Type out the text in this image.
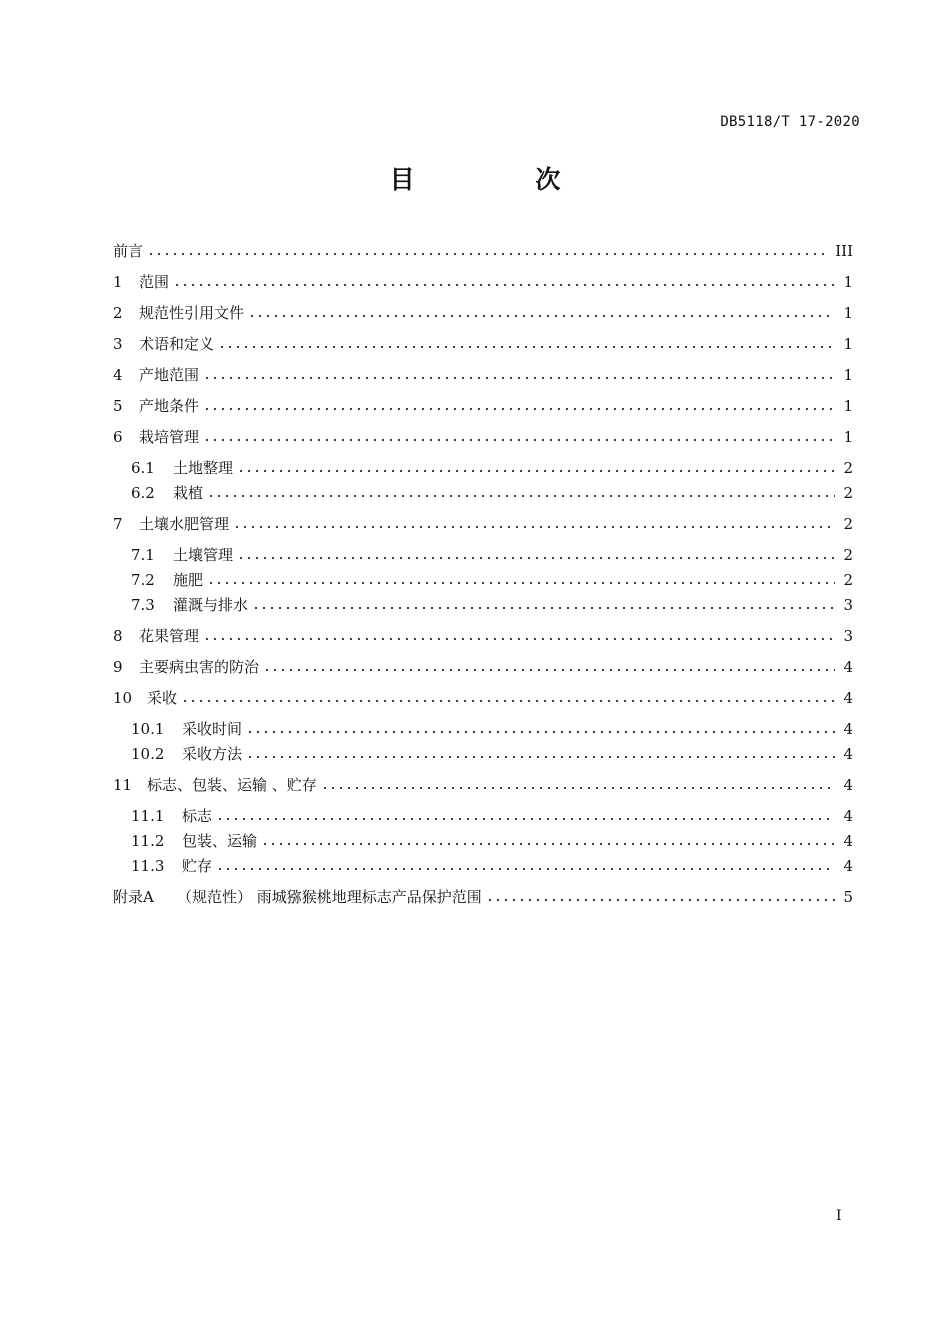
DB5118/T 17-2020
目 次
前言	III
1	范围	1
2	规范性引用文件	1
3	术语和定义	1
4	产地范围	1
5	产地条件	1
6	栽培管理	1
6.1	土地整理	2
6.2	栽植	2
7	土壤水肥管理	2
7.1	土壤管理	2
7.2	施肥	2
7.3	灌溉与排水	3
8	花果管理	3
9	主要病虫害的防治	4
10 采收	4
10.1	采收时间	4
10.2	采收方法	4
11 标志、包装、运输 、贮存	4
11.1	标志	4
11.2	包装、运输	4
11.3	贮存	4
附录A	（规范性） 雨城猕猴桃地理标志产品保护范围	5
I
